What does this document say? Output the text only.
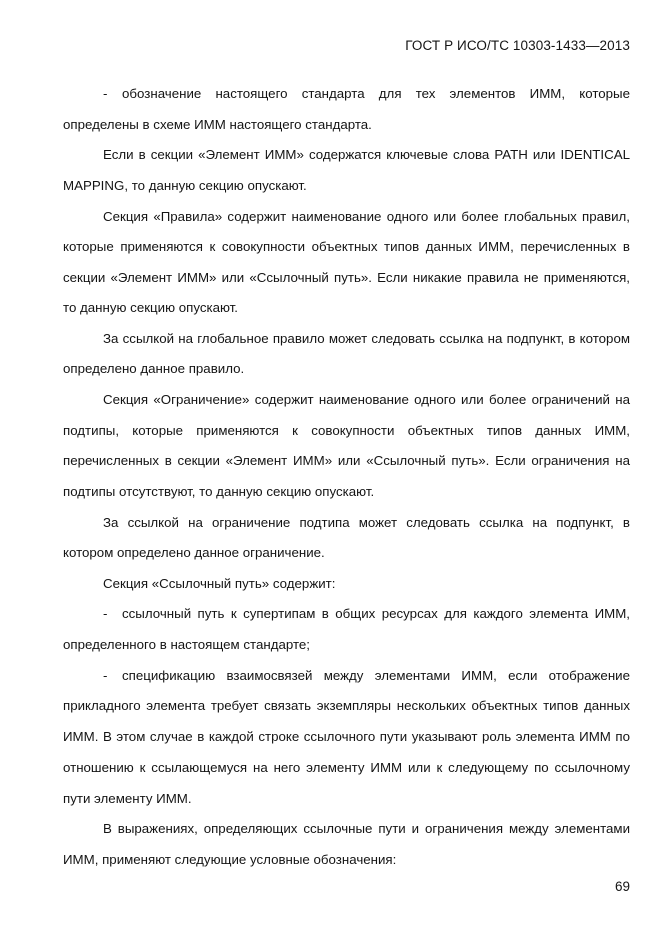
ГОСТ Р ИСО/ТС 10303-1433—2013
- обозначение настоящего стандарта для тех элементов ИММ, которые
определены в схеме ИММ настоящего стандарта.
Если в секции «Элемент ИММ» содержатся ключевые слова PATH или IDENTICAL
MAPPING, то данную секцию опускают.
Секция «Правила» содержит наименование одного или более глобальных правил,
которые применяются к совокупности объектных типов данных ИММ, перечисленных в
секции «Элемент ИММ» или «Ссылочный путь». Если никакие правила не применяются,
то данную секцию опускают.
За ссылкой на глобальное правило может следовать ссылка на подпункт, в котором
определено данное правило.
Секция «Ограничение» содержит наименование одного или более ограничений на
подтипы, которые применяются к совокупности объектных типов данных ИММ,
перечисленных в секции «Элемент ИММ» или «Ссылочный путь». Если ограничения на
подтипы отсутствуют, то данную секцию опускают.
За ссылкой на ограничение подтипа может следовать ссылка на подпункт, в
котором определено данное ограничение.
Секция «Ссылочный путь» содержит:
- ссылочный путь к супертипам в общих ресурсах для каждого элемента ИММ,
определенного в настоящем стандарте;
- спецификацию взаимосвязей между элементами ИММ, если отображение
прикладного элемента требует связать экземпляры нескольких объектных типов данных
ИММ. В этом случае в каждой строке ссылочного пути указывают роль элемента ИММ по
отношению к ссылающемуся на него элементу ИММ или к следующему по ссылочному
пути элементу ИММ.
В выражениях, определяющих ссылочные пути и ограничения между элементами
ИММ, применяют следующие условные обозначения:
69
